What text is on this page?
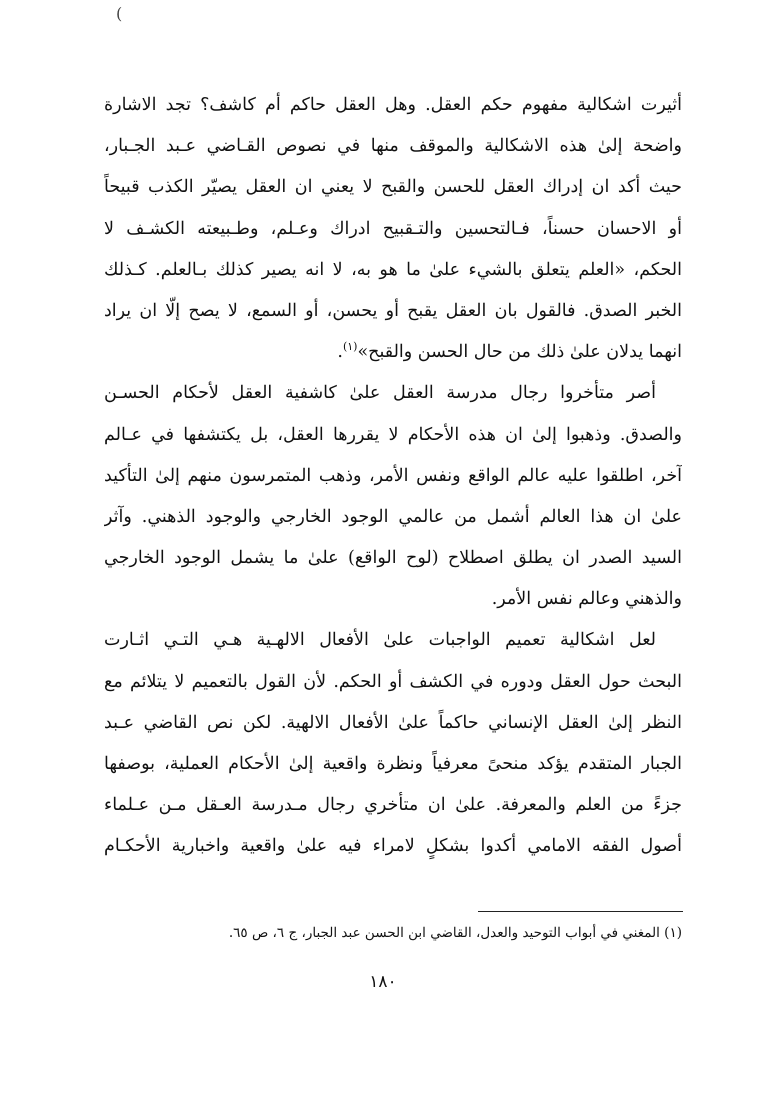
(
أثيرت اشكالية مفهوم حكم العقل. وهل العقل حاكم أم كاشف؟ تجد الاشارة
واضحة إلىٰ هذه الاشكالية والموقف منها في نصوص القـاضي عـبد الجـبار،
حيث أكد ان إدراك العقل للحسن والقبح لا يعني ان العقل يصيّر الكذب قبيحاً
أو الاحسان حسناً، فـالتحسين والتـقبيح ادراك وعـلم، وطـبيعته الكشـف لا
الحكم، «العلم يتعلق بالشيء علىٰ ما هو به، لا انه يصير كذلك بـالعلم. كـذلك
الخبر الصدق. فالقول بان العقل يقبح أو يحسن، أو السمع، لا يصح إلّا ان يراد
انهما يدلان علىٰ ذلك من حال الحسن والقبح»$^{(١)}$.
أصر متأخروا رجال مدرسة العقل علىٰ كاشفية العقل لأحكام الحسـن
والصدق. وذهبوا إلىٰ ان هذه الأحكام لا يقررها العقل، بل يكتشفها في عـالم
آخر، اطلقوا عليه عالم الواقع ونفس الأمر، وذهب المتمرسون منهم إلىٰ التأكيد
علىٰ ان هذا العالم أشمل من عالمي الوجود الخارجي والوجود الذهني. وآثر
السيد الصدر ان يطلق اصطلاح (لوح الواقع) علىٰ ما يشمل الوجود الخارجي
والذهني وعالم نفس الأمر.
لعل اشكالية تعميم الواجبات علىٰ الأفعال الالهـية هـي التـي اثـارت
البحث حول العقل ودوره في الكشف أو الحكم. لأن القول بالتعميم لا يتلائم مع
النظر إلىٰ العقل الإنساني حاكماً علىٰ الأفعال الالهية. لكن نص القاضي عـبد
الجبار المتقدم يؤكد منحىً معرفياً ونظرة واقعية إلىٰ الأحكام العملية، بوصفها
جزءً من العلم والمعرفة. علىٰ ان متأخري رجال مـدرسة العـقل مـن عـلماء
أصول الفقه الامامي أكدوا بشكلٍ لامراء فيه علىٰ واقعية واخبارية الأحكـام
(١) المغني في أبواب التوحيد والعدل، القاضي ابن الحسن عبد الجبار، ج ٦، ص ٦٥.
١٨٠
